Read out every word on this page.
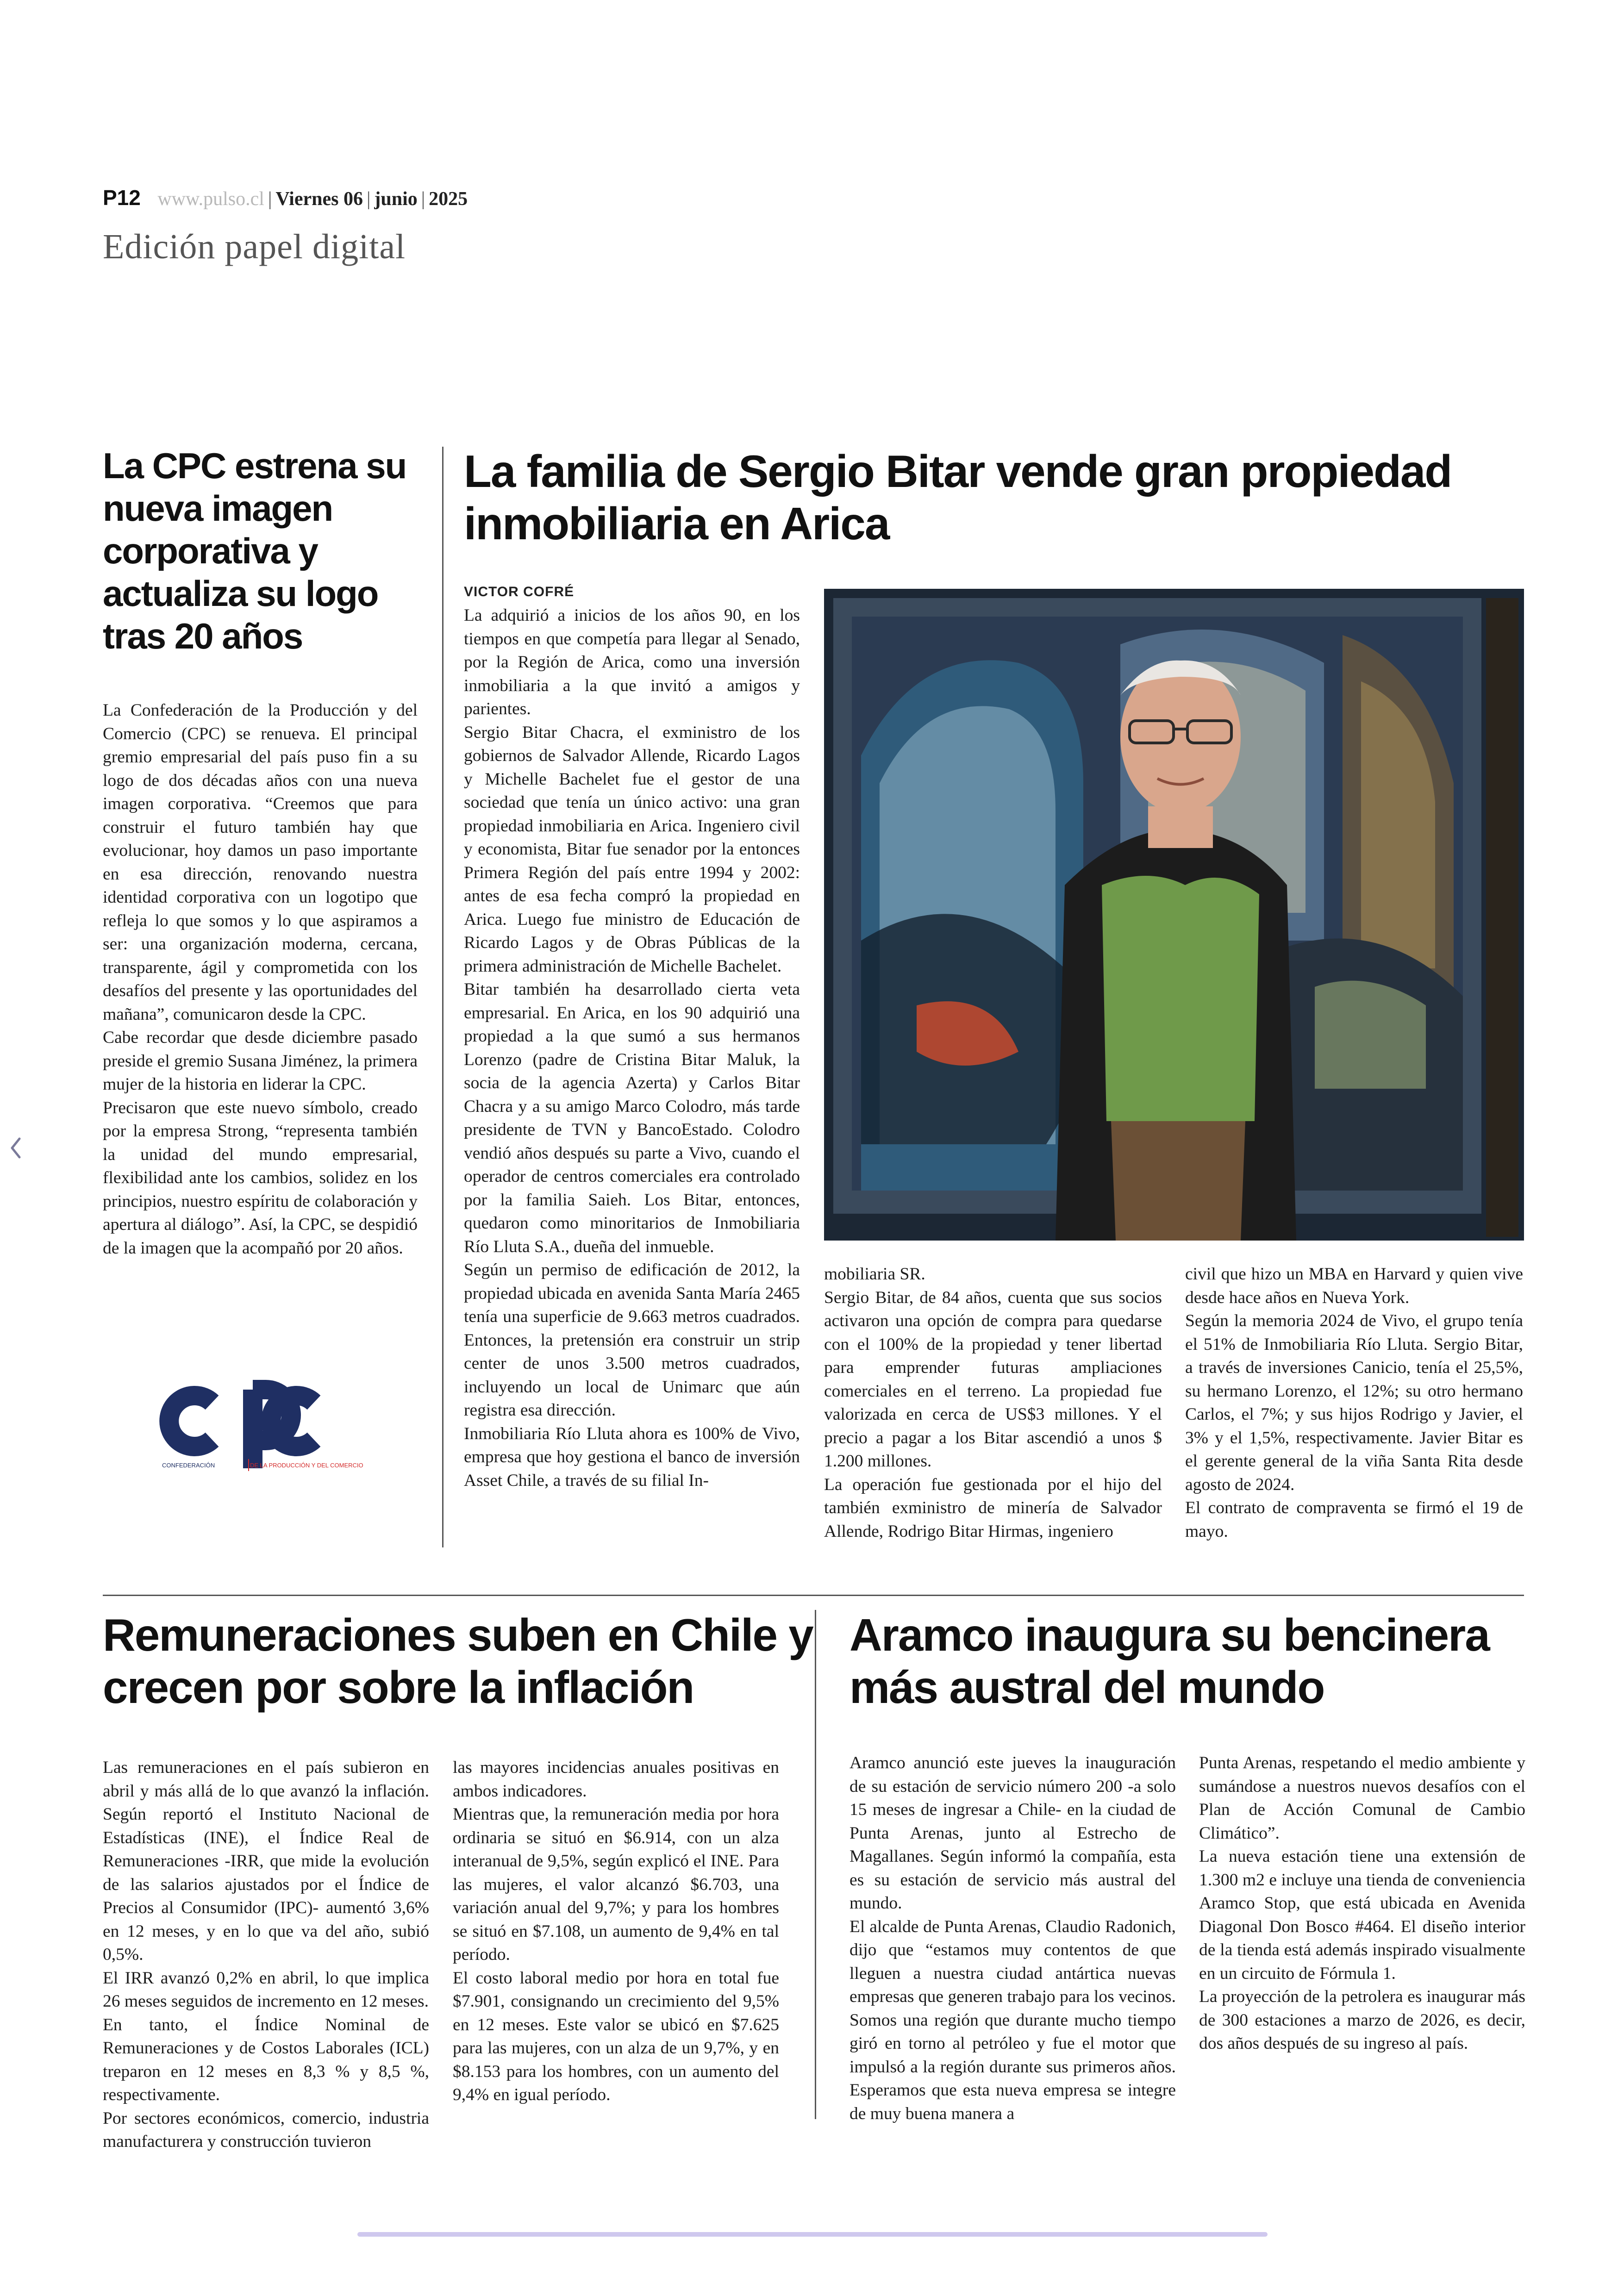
P12 www.pulso.cl | Viernes 06 | junio | 2025
Edición papel digital
La CPC estrena su nueva imagen corporativa y actualiza su logo tras 20 años

La Confederación de la Producción y del Comercio (CPC) se renueva. El principal gremio empresarial del país puso fin a su logo de dos décadas años con una nueva imagen corporativa. “Creemos que para construir el futuro también hay que evolucionar, hoy damos un paso importante en esa dirección, renovando nuestra identidad corporativa con un logotipo que refleja lo que somos y lo que aspiramos a ser: una organización moderna, cercana, transparente, ágil y comprometida con los desafíos del presente y las oportunidades del mañana”, comunicaron desde la CPC.

Cabe recordar que desde diciembre pasado preside el gremio Susana Jiménez, la primera mujer de la historia en liderar la CPC.

Precisaron que este nuevo símbolo, creado por la empresa Strong, “representa también la unidad del mundo empresarial, flexibilidad ante los cambios, solidez en los principios, nuestro espíritu de colaboración y apertura al diálogo”. Así, la CPC, se despidió de la imagen que la acompañó por 20 años.

DE LA PRODUCCIÓN Y DEL COMERCIO
CONFEDERACIÓN
La familia de Sergio Bitar vende gran propiedad inmobiliaria en Arica
VICTOR COFRÉ

La adquirió a inicios de los años 90, en los tiempos en que competía para llegar al Senado, por la Región de Arica, como una inversión inmobiliaria a la que invitó a amigos y parientes.

Sergio Bitar Chacra, el exministro de los gobiernos de Salvador Allende, Ricardo Lagos y Michelle Bachelet fue el gestor de una sociedad que tenía un único activo: una gran propiedad inmobiliaria en Arica. Ingeniero civil y economista, Bitar fue senador por la entonces Primera Región del país entre 1994 y 2002: antes de esa fecha compró la propiedad en Arica. Luego fue ministro de Educación de Ricardo Lagos y de Obras Públicas de la primera administración de Michelle Bachelet.

Bitar también ha desarrollado cierta veta empresarial. En Arica, en los 90 adquirió una propiedad a la que sumó a sus hermanos Lorenzo (padre de Cristina Bitar Maluk, la socia de la agencia Azerta) y Carlos Bitar Chacra y a su amigo Marco Colodro, más tarde presidente de TVN y BancoEstado. Colodro vendió años después su parte a Vivo, cuando el operador de centros comerciales era controlado por la familia Saieh. Los Bitar, entonces, quedaron como minoritarios de Inmobiliaria Río Lluta S.A., dueña del inmueble.

Según un permiso de edificación de 2012, la propiedad ubicada en avenida Santa María 2465 tenía una superficie de 9.663 metros cuadrados. Entonces, la pretensión era construir un strip center de unos 3.500 metros cuadrados, incluyendo un local de Unimarc que aún registra esa dirección.

Inmobiliaria Río Lluta ahora es 100% de Vivo, empresa que hoy gestiona el banco de inversión Asset Chile, a través de su filial In-

mobiliaria SR.

Sergio Bitar, de 84 años, cuenta que sus socios activaron una opción de compra para quedarse con el 100% de la propiedad y tener libertad para emprender futuras ampliaciones comerciales en el terreno. La propiedad fue valorizada en cerca de US$3 millones. Y el precio a pagar a los Bitar ascendió a unos $ 1.200 millones.

La operación fue gestionada por el hijo del también exministro de minería de Salvador Allende, Rodrigo Bitar Hirmas, ingeniero

civil que hizo un MBA en Harvard y quien vive desde hace años en Nueva York.

Según la memoria 2024 de Vivo, el grupo tenía el 51% de Inmobiliaria Río Lluta. Sergio Bitar, a través de inversiones Canicio, tenía el 25,5%, su hermano Lorenzo, el 12%; su otro hermano Carlos, el 7%; y sus hijos Rodrigo y Javier, el 3% y el 1,5%, respectivamente. Javier Bitar es el gerente general de la viña Santa Rita desde agosto de 2024.

El contrato de compraventa se firmó el 19 de mayo.

Remuneraciones suben en Chile y crecen por sobre la inflación

Las remuneraciones en el país subieron en abril y más allá de lo que avanzó la inflación. Según reportó el Instituto Nacional de Estadísticas (INE), el Índice Real de Remuneraciones -IRR, que mide la evolución de las salarios ajustados por el Índice de Precios al Consumidor (IPC)- aumentó 3,6% en 12 meses, y en lo que va del año, subió 0,5%.

El IRR avanzó 0,2% en abril, lo que implica 26 meses seguidos de incremento en 12 meses.

En tanto, el Índice Nominal de Remuneraciones y de Costos Laborales (ICL) treparon en 12 meses en 8,3 % y 8,5 %, respectivamente.

Por sectores económicos, comercio, industria manufacturera y construcción tuvieron

las mayores incidencias anuales positivas en ambos indicadores.

Mientras que, la remuneración media por hora ordinaria se situó en $6.914, con un alza interanual de 9,5%, según explicó el INE. Para las mujeres, el valor alcanzó $6.703, una variación anual del 9,7%; y para los hombres se situó en $7.108, un aumento de 9,4% en tal período.

El costo laboral medio por hora en total fue $7.901, consignando un crecimiento del 9,5% en 12 meses. Este valor se ubicó en $7.625 para las mujeres, con un alza de un 9,7%, y en $8.153 para los hombres, con un aumento del 9,4% en igual período.

Aramco inaugura su bencinera más austral del mundo

Aramco anunció este jueves la inauguración de su estación de servicio número 200 -a solo 15 meses de ingresar a Chile- en la ciudad de Punta Arenas, junto al Estrecho de Magallanes. Según informó la compañía, esta es su estación de servicio más austral del mundo.

El alcalde de Punta Arenas, Claudio Radonich, dijo que “estamos muy contentos de que lleguen a nuestra ciudad antártica nuevas empresas que generen trabajo para los vecinos. Somos una región que durante mucho tiempo giró en torno al petróleo y fue el motor que impulsó a la región durante sus primeros años. Esperamos que esta nueva empresa se integre de muy buena manera a

Punta Arenas, respetando el medio ambiente y sumándose a nuestros nuevos desafíos con el Plan de Acción Comunal de Cambio Climático”.

La nueva estación tiene una extensión de 1.300 m2 e incluye una tienda de conveniencia Aramco Stop, que está ubicada en Avenida Diagonal Don Bosco #464. El diseño interior de la tienda está además inspirado visualmente en un circuito de Fórmula 1.

La proyección de la petrolera es inaugurar más de 300 estaciones a marzo de 2026, es decir, dos años después de su ingreso al país.
